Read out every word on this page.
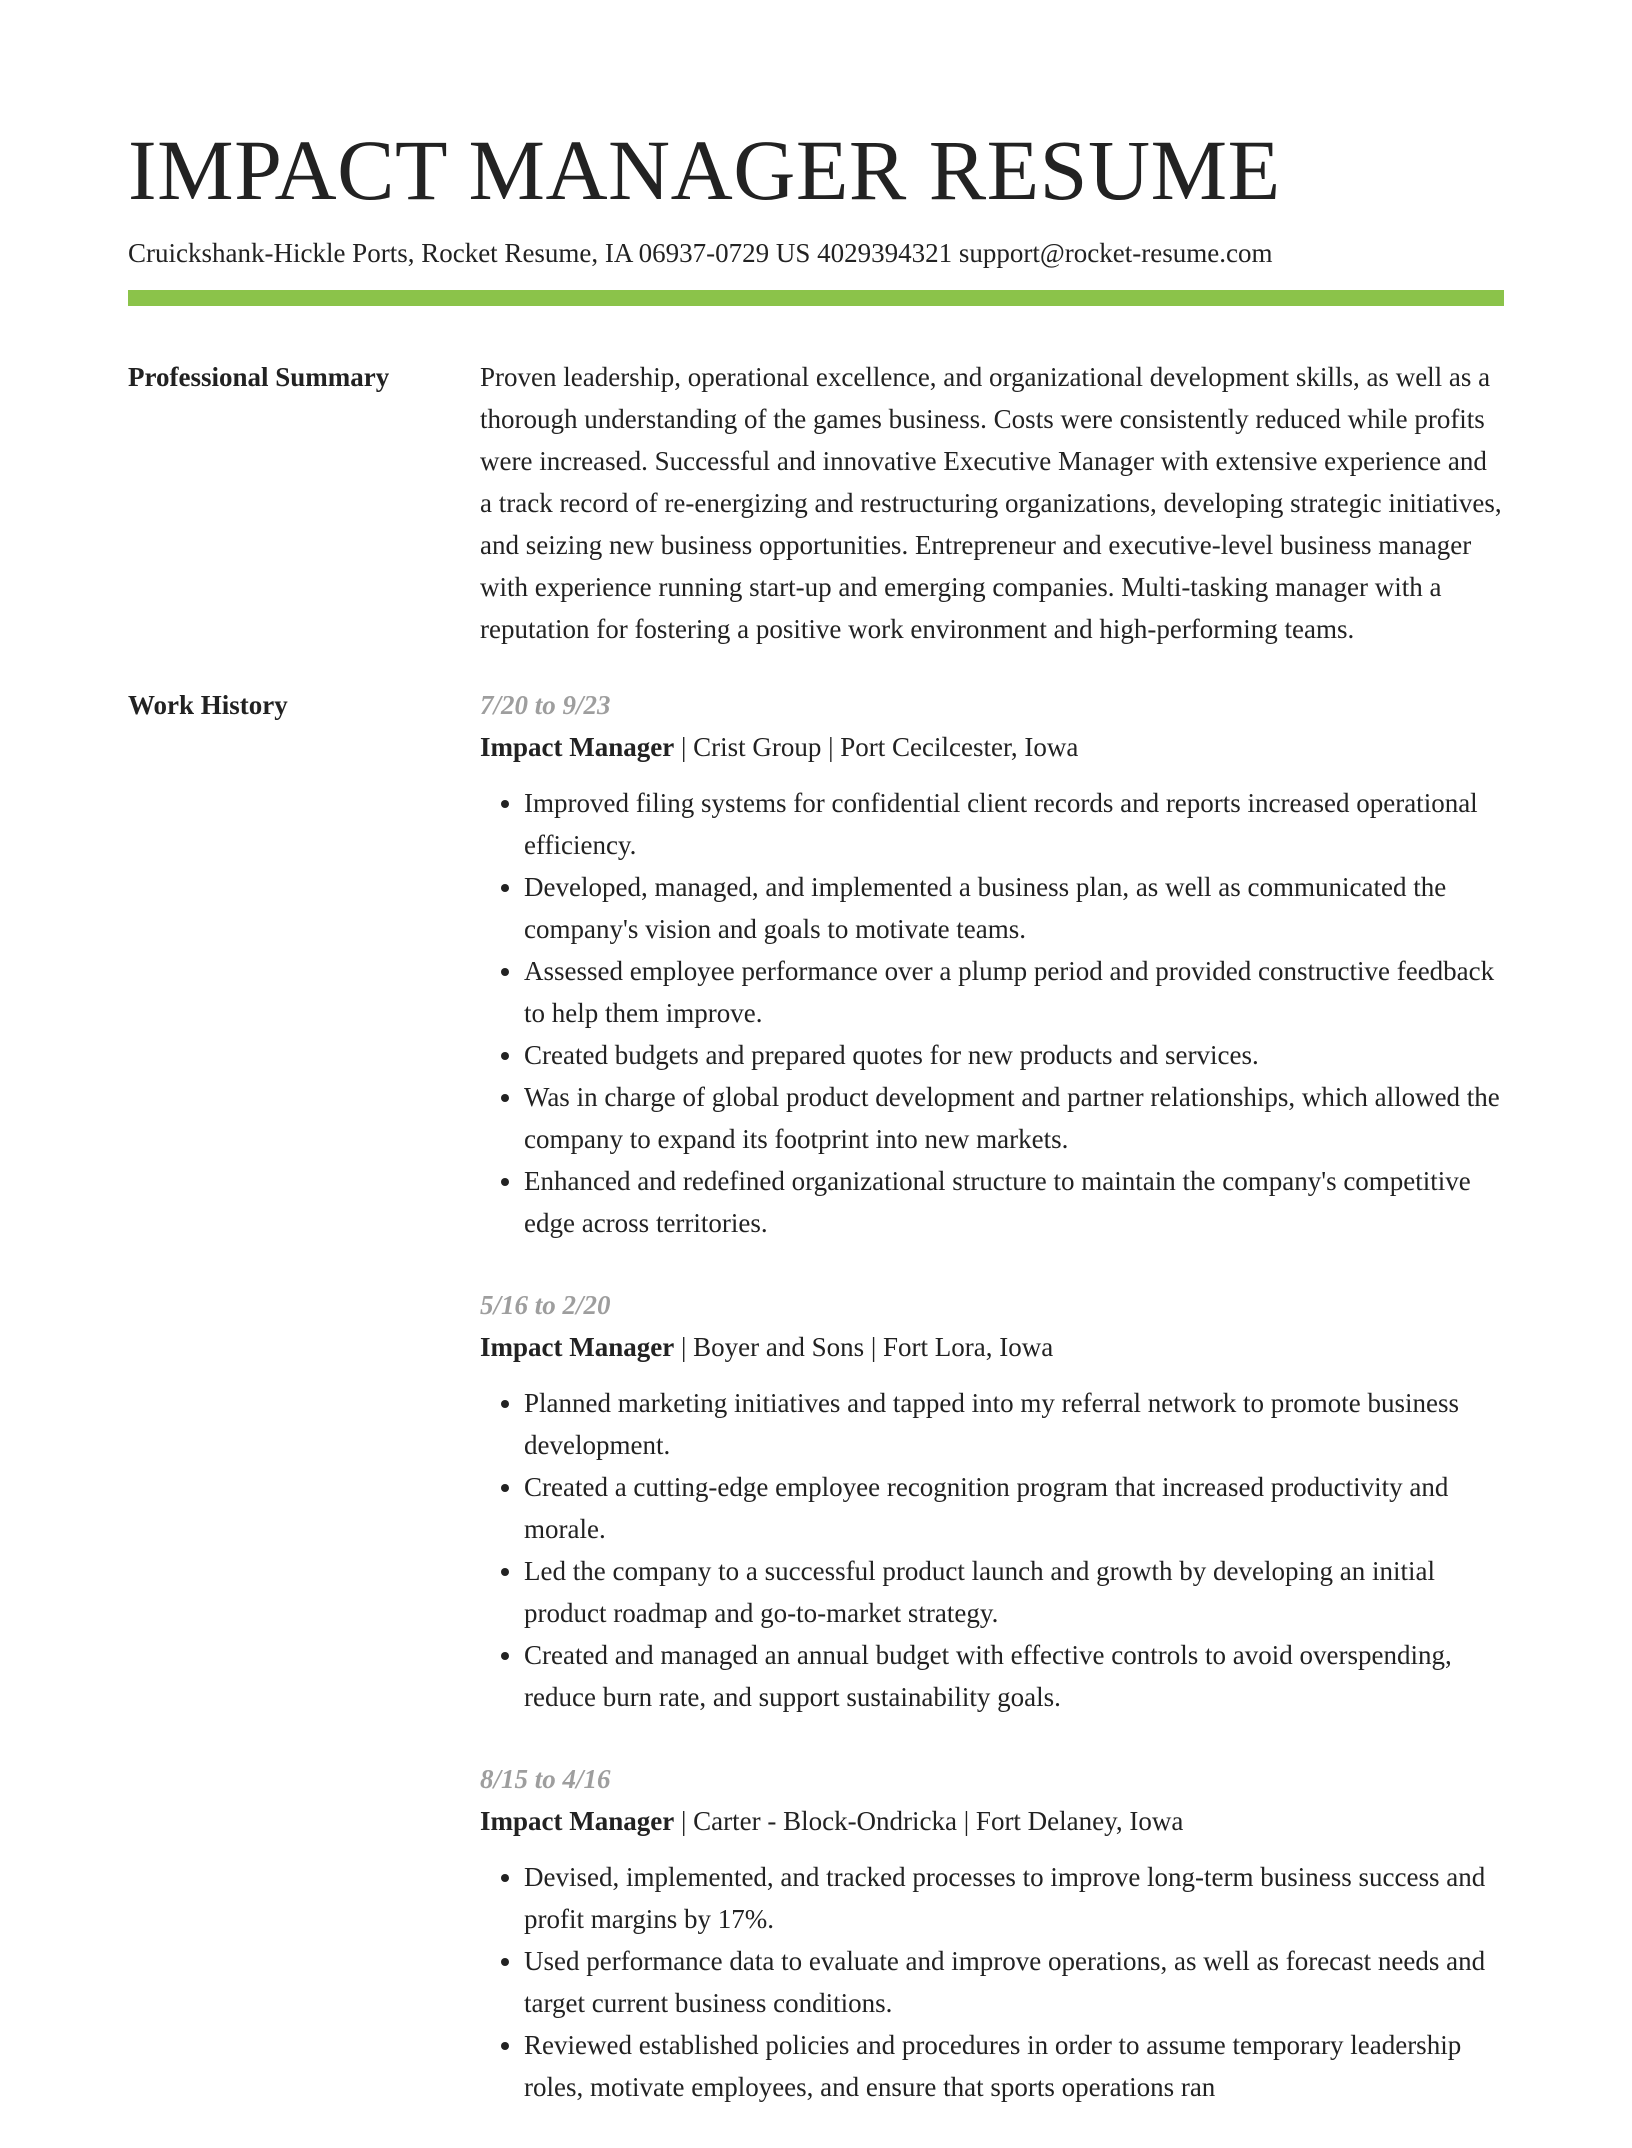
IMPACT MANAGER RESUME
Cruickshank-Hickle Ports, Rocket Resume, IA 06937-0729 US 4029394321 support@rocket-resume.com
Professional Summary	Proven leadership, operational excellence, and organizational development skills, as well as a thorough understanding of the games business. Costs were consistently reduced while profits were increased. Successful and innovative Executive Manager with extensive experience and a track record of re-energizing and restructuring organizations, developing strategic initiatives, and seizing new business opportunities. Entrepreneur and executive-level business manager with experience running start-up and emerging companies. Multi-tasking manager with a reputation for fostering a positive work environment and high-performing teams.

Work History	7/20 to 9/23
Impact Manager | Crist Group | Port Cecilcester, Iowa
• Improved filing systems for confidential client records and reports increased operational efficiency.
• Developed, managed, and implemented a business plan, as well as communicated the company's vision and goals to motivate teams.
• Assessed employee performance over a plump period and provided constructive feedback to help them improve.
• Created budgets and prepared quotes for new products and services.
• Was in charge of global product development and partner relationships, which allowed the company to expand its footprint into new markets.
• Enhanced and redefined organizational structure to maintain the company's competitive edge across territories.
5/16 to 2/20
Impact Manager | Boyer and Sons | Fort Lora, Iowa
• Planned marketing initiatives and tapped into my referral network to promote business development.
• Created a cutting-edge employee recognition program that increased productivity and morale.
• Led the company to a successful product launch and growth by developing an initial product roadmap and go-to-market strategy.
• Created and managed an annual budget with effective controls to avoid overspending, reduce burn rate, and support sustainability goals.
8/15 to 4/16
Impact Manager | Carter - Block-Ondricka | Fort Delaney, Iowa
• Devised, implemented, and tracked processes to improve long-term business success and profit margins by 17%.
• Used performance data to evaluate and improve operations, as well as forecast needs and target current business conditions.
• Reviewed established policies and procedures in order to assume temporary leadership roles, motivate employees, and ensure that sports operations ran
